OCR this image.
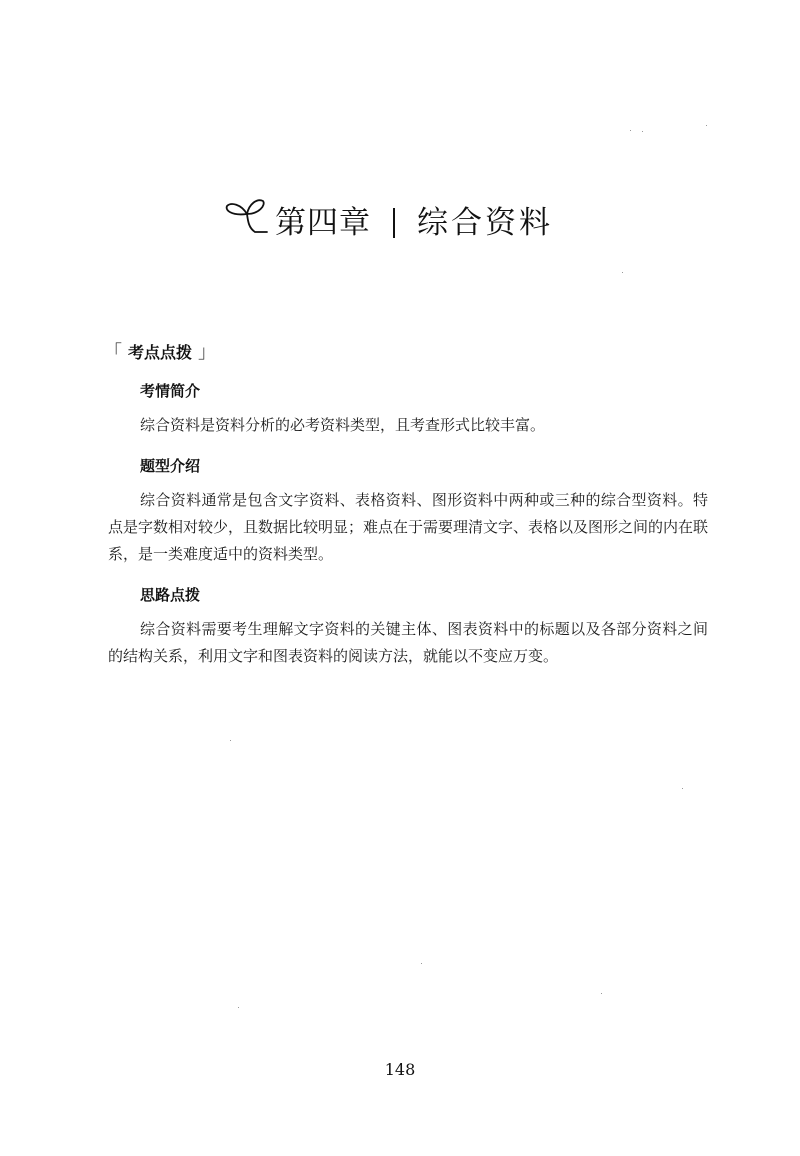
第四章 综合资料
「 考点点拨 」
考情简介

综合资料是资料分析的必考资料类型，且考查形式比较丰富。

题型介绍

综合资料通常是包含文字资料、表格资料、图形资料中两种或三种的综合型资料。特点是字数相对较少，且数据比较明显；难点在于需要理清文字、表格以及图形之间的内在联系，是一类难度适中的资料类型。

思路点拨

综合资料需要考生理解文字资料的关键主体、图表资料中的标题以及各部分资料之间的结构关系，利用文字和图表资料的阅读方法，就能以不变应万变。

148
